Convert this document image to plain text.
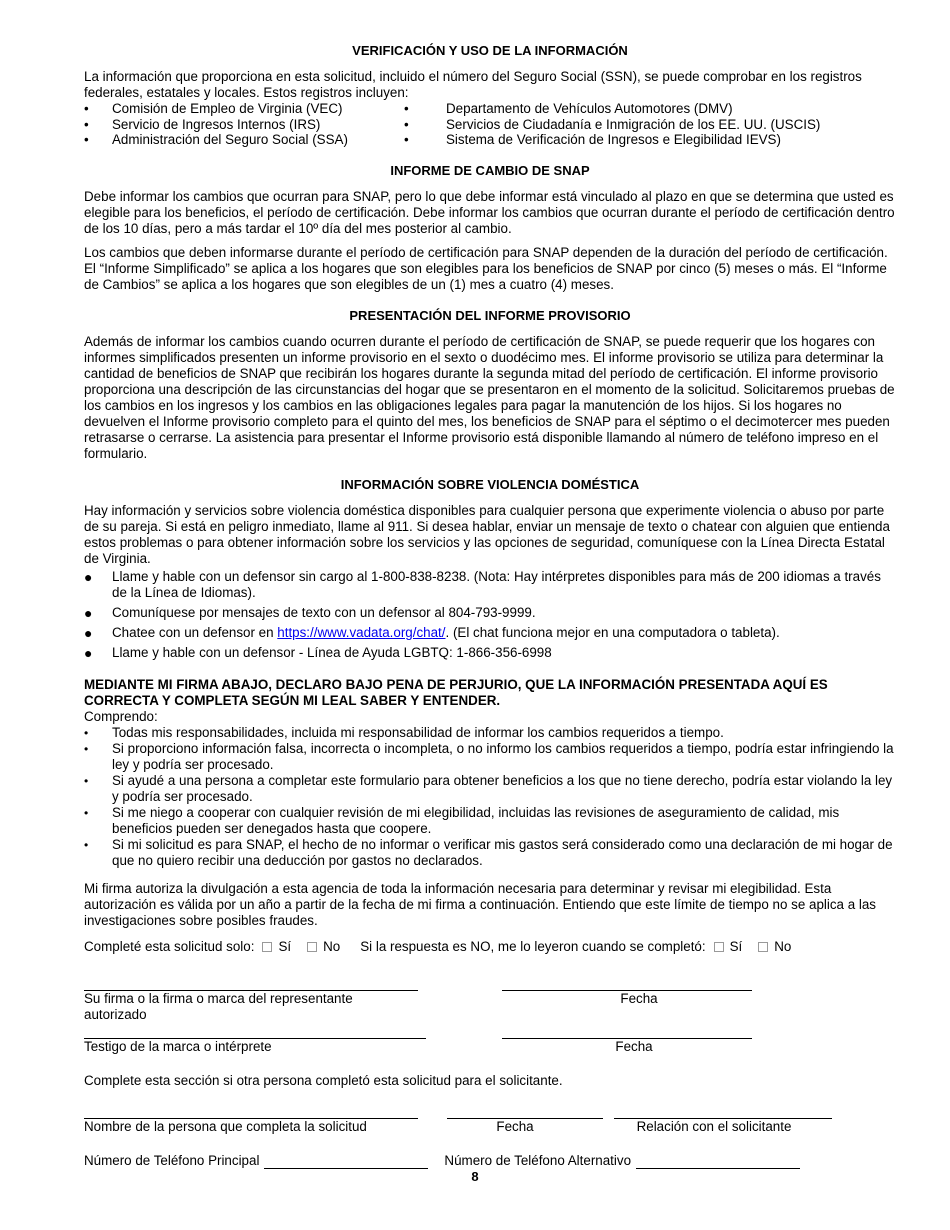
VERIFICACIÓN Y USO DE LA INFORMACIÓN

La información que proporciona en esta solicitud, incluido el número del Seguro Social (SSN), se puede comprobar en los registros federales, estatales y locales. Estos registros incluyen:

•	Comisión de Empleo de Virginia (VEC)
•	Servicio de Ingresos Internos (IRS)
•	Administración del Seguro Social (SSA)
•	Departamento de Vehículos Automotores (DMV)
•	Servicios de Ciudadanía e Inmigración de los EE. UU. (USCIS)
•	Sistema de Verificación de Ingresos e Elegibilidad IEVS)
INFORME DE CAMBIO DE SNAP

Debe informar los cambios que ocurran para SNAP, pero lo que debe informar está vinculado al plazo en que se determina que usted es elegible para los beneficios, el período de certificación. Debe informar los cambios que ocurran durante el período de certificación dentro de los 10 días, pero a más tardar el 10º día del mes posterior al cambio.

Los cambios que deben informarse durante el período de certificación para SNAP dependen de la duración del período de certificación. El “Informe Simplificado” se aplica a los hogares que son elegibles para los beneficios de SNAP por cinco (5) meses o más. El “Informe de Cambios” se aplica a los hogares que son elegibles de un (1) mes a cuatro (4) meses.

PRESENTACIÓN DEL INFORME PROVISORIO

Además de informar los cambios cuando ocurren durante el período de certificación de SNAP, se puede requerir que los hogares con informes simplificados presenten un informe provisorio en el sexto o duodécimo mes. El informe provisorio se utiliza para determinar la cantidad de beneficios de SNAP que recibirán los hogares durante la segunda mitad del período de certificación. El informe provisorio proporciona una descripción de las circunstancias del hogar que se presentaron en el momento de la solicitud. Solicitaremos pruebas de los cambios en los ingresos y los cambios en las obligaciones legales para pagar la manutención de los hijos. Si los hogares no devuelven el Informe provisorio completo para el quinto del mes, los beneficios de SNAP para el séptimo o el decimotercer mes pueden retrasarse o cerrarse. La asistencia para presentar el Informe provisorio está disponible llamando al número de teléfono impreso en el formulario.

INFORMACIÓN SOBRE VIOLENCIA DOMÉSTICA

Hay información y servicios sobre violencia doméstica disponibles para cualquier persona que experimente violencia o abuso por parte de su pareja. Si está en peligro inmediato, llame al 911. Si desea hablar, enviar un mensaje de texto o chatear con alguien que entienda estos problemas o para obtener información sobre los servicios y las opciones de seguridad, comuníquese con la Línea Directa Estatal de Virginia.

●	Llame y hable con un defensor sin cargo al 1-800-838-8238. (Nota: Hay intérpretes disponibles para más de 200 idiomas a través de la Línea de Idiomas).
●	Comuníquese por mensajes de texto con un defensor al 804-793-9999.
●	Chatee con un defensor en https://www.vadata.org/chat/. (El chat funciona mejor en una computadora o tableta).
●	Llame y hable con un defensor - Línea de Ayuda LGBTQ: 1-866-356-6998

MEDIANTE MI FIRMA ABAJO, DECLARO BAJO PENA DE PERJURIO, QUE LA INFORMACIÓN PRESENTADA AQUÍ ES CORRECTA Y COMPLETA SEGÚN MI LEAL SABER Y ENTENDER.

Comprendo:

•	Todas mis responsabilidades, incluida mi responsabilidad de informar los cambios requeridos a tiempo.
•	Si proporciono información falsa, incorrecta o incompleta, o no informo los cambios requeridos a tiempo, podría estar infringiendo la ley y podría ser procesado.
•	Si ayudé a una persona a completar este formulario para obtener beneficios a los que no tiene derecho, podría estar violando la ley y podría ser procesado.
•	Si me niego a cooperar con cualquier revisión de mi elegibilidad, incluidas las revisiones de aseguramiento de calidad, mis beneficios pueden ser denegados hasta que coopere.
•	Si mi solicitud es para SNAP, el hecho de no informar o verificar mis gastos será considerado como una declaración de mi hogar de que no quiero recibir una deducción por gastos no declarados.

Mi firma autoriza la divulgación a esta agencia de toda la información necesaria para determinar y revisar mi elegibilidad. Esta autorización es válida por un año a partir de la fecha de mi firma a continuación. Entiendo que este límite de tiempo no se aplica a las investigaciones sobre posibles fraudes.

Completé esta solicitud solo: Sí No Si la respuesta es NO, me lo leyeron cuando se completó: Sí No
Su firma o la firma o marca del representante autorizado
Fecha
Testigo de la marca o intérprete	Fecha
Complete esta sección si otra persona completó esta solicitud para el solicitante.
Nombre de la persona que completa la solicitud	Fecha	Relación con el solicitante
Número de Teléfono Principal	Número de Teléfono Alternativo
8
